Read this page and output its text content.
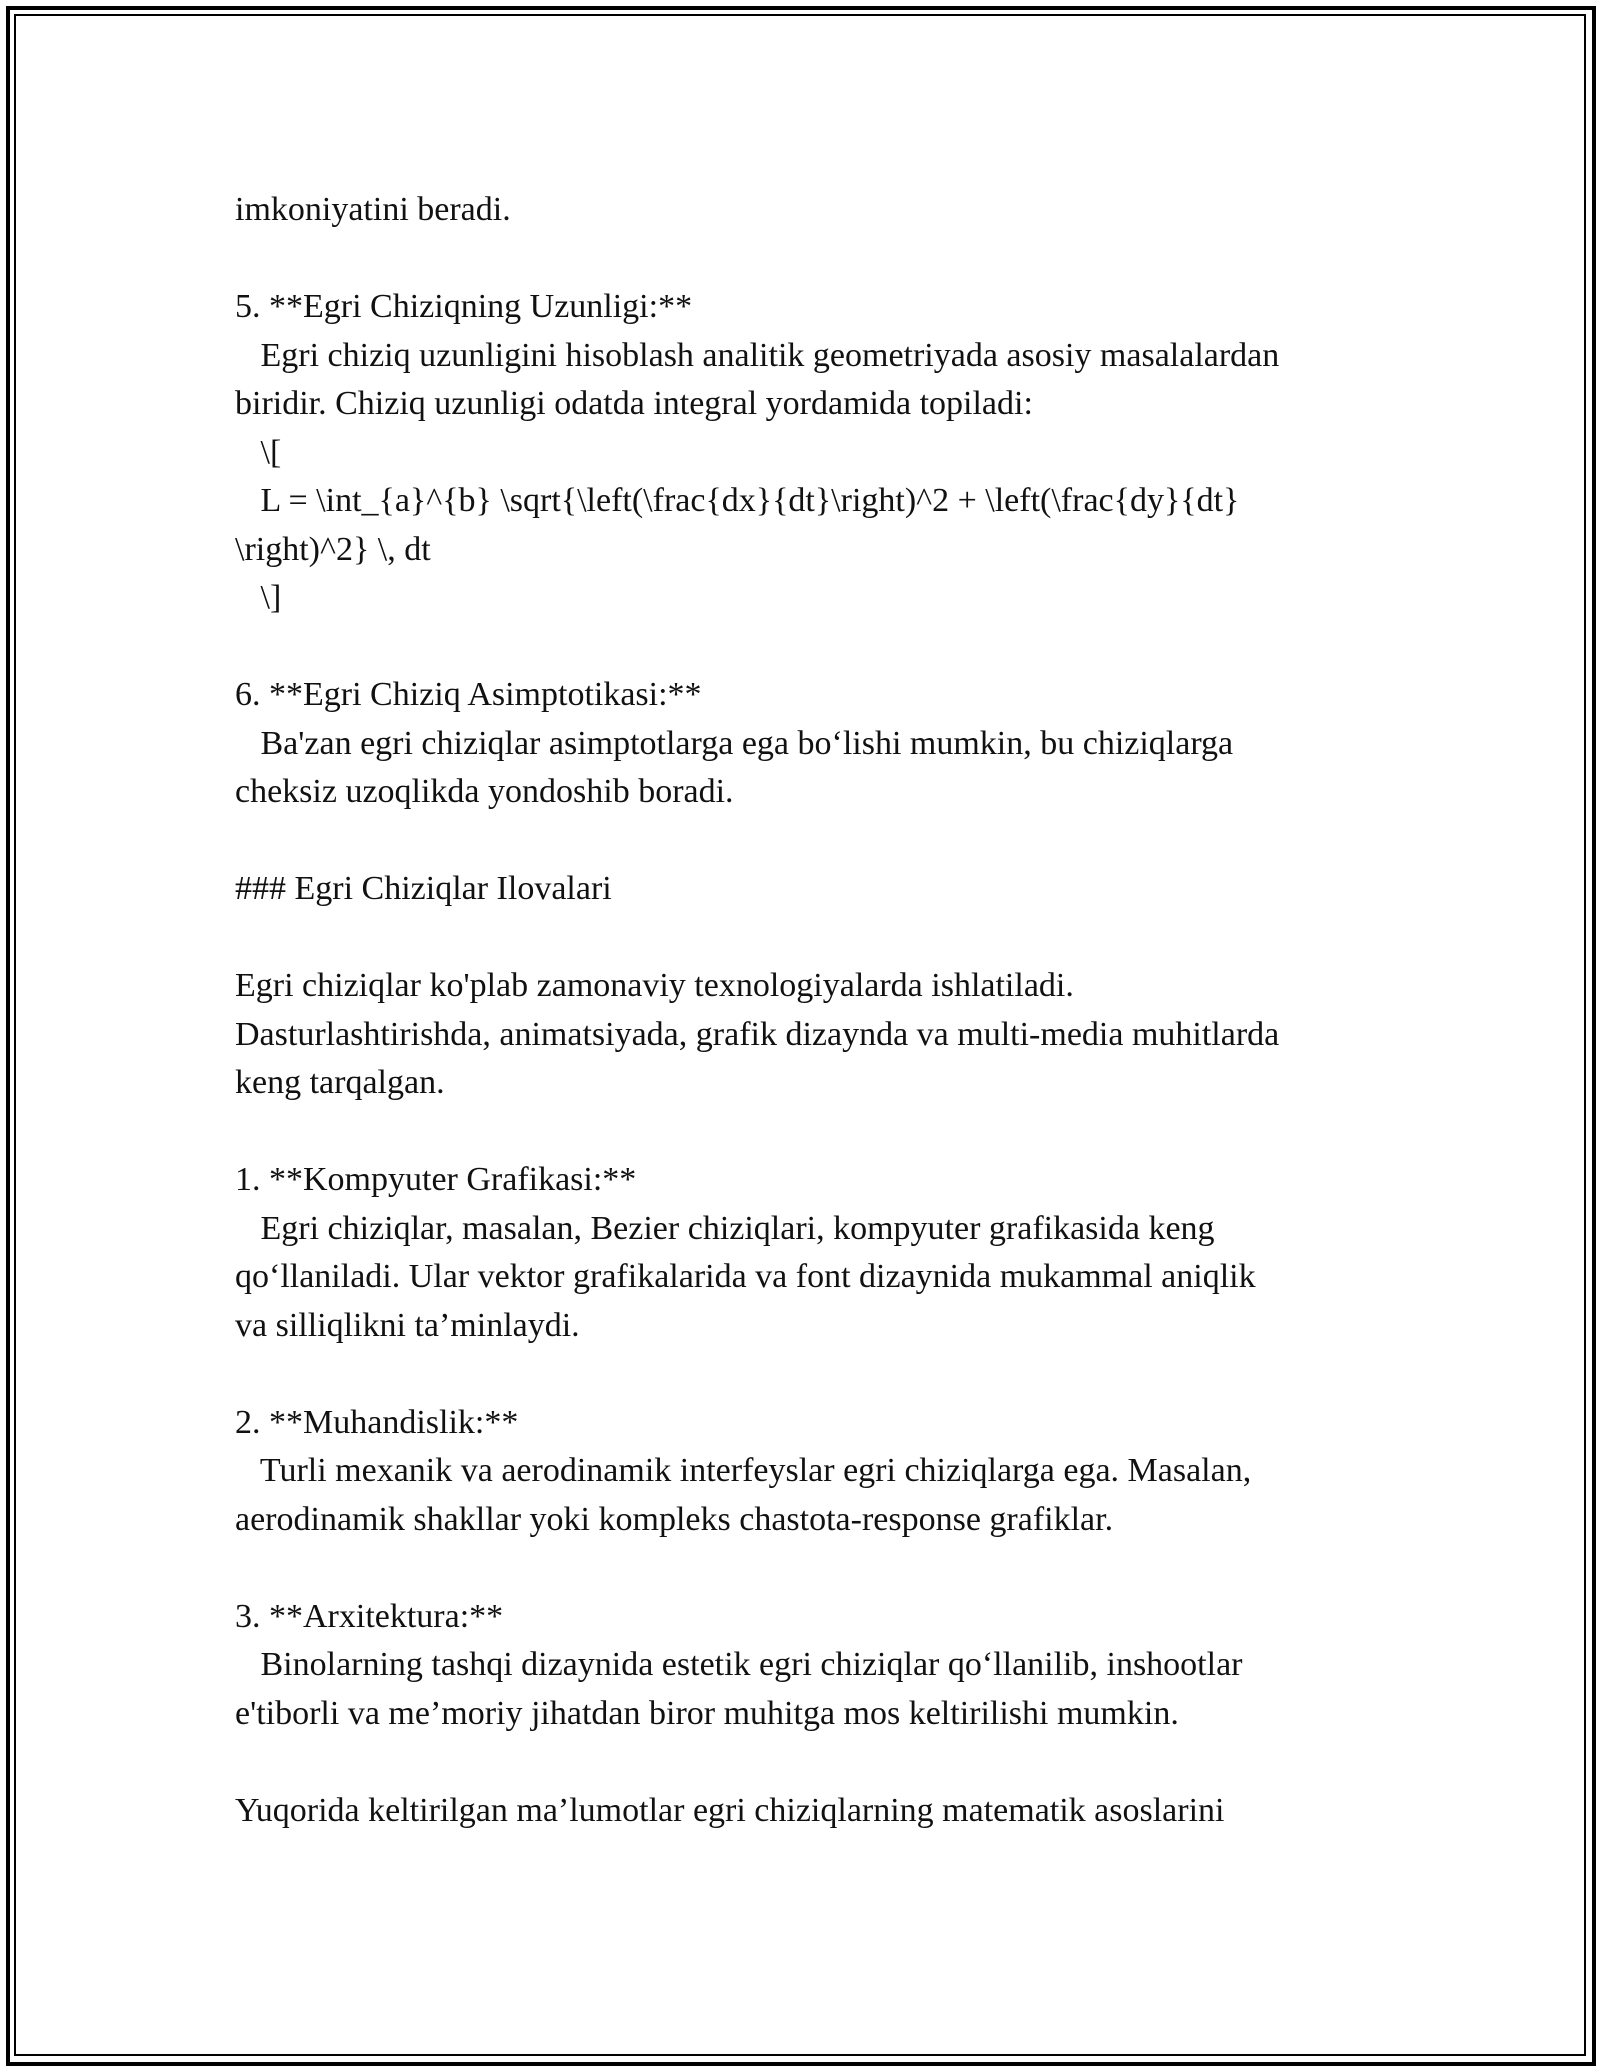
imkoniyatini beradi.
5. **Egri Chiziqning Uzunligi:**
Egri chiziq uzunligini hisoblash analitik geometriyada asosiy masalalardan
biridir. Chiziq uzunligi odatda integral yordamida topiladi:
\[
L = \int_{a}^{b} \sqrt{\left(\frac{dx}{dt}\right)^2 + \left(\frac{dy}{dt}
\right)^2} \, dt
\]
6. **Egri Chiziq Asimptotikasi:**
Ba'zan egri chiziqlar asimptotlarga ega bo‘lishi mumkin, bu chiziqlarga
cheksiz uzoqlikda yondoshib boradi.
### Egri Chiziqlar Ilovalari
Egri chiziqlar ko'plab zamonaviy texnologiyalarda ishlatiladi.
Dasturlashtirishda, animatsiyada, grafik dizaynda va multi-media muhitlarda
keng tarqalgan.
1. **Kompyuter Grafikasi:**
Egri chiziqlar, masalan, Bezier chiziqlari, kompyuter grafikasida keng
qo‘llaniladi. Ular vektor grafikalarida va font dizaynida mukammal aniqlik
va silliqlikni ta’minlaydi.
2. **Muhandislik:**
Turli mexanik va aerodinamik interfeyslar egri chiziqlarga ega. Masalan,
aerodinamik shakllar yoki kompleks chastota-response grafiklar.
3. **Arxitektura:**
Binolarning tashqi dizaynida estetik egri chiziqlar qo‘llanilib, inshootlar
e'tiborli va me’moriy jihatdan biror muhitga mos keltirilishi mumkin.
Yuqorida keltirilgan ma’lumotlar egri chiziqlarning matematik asoslarini
